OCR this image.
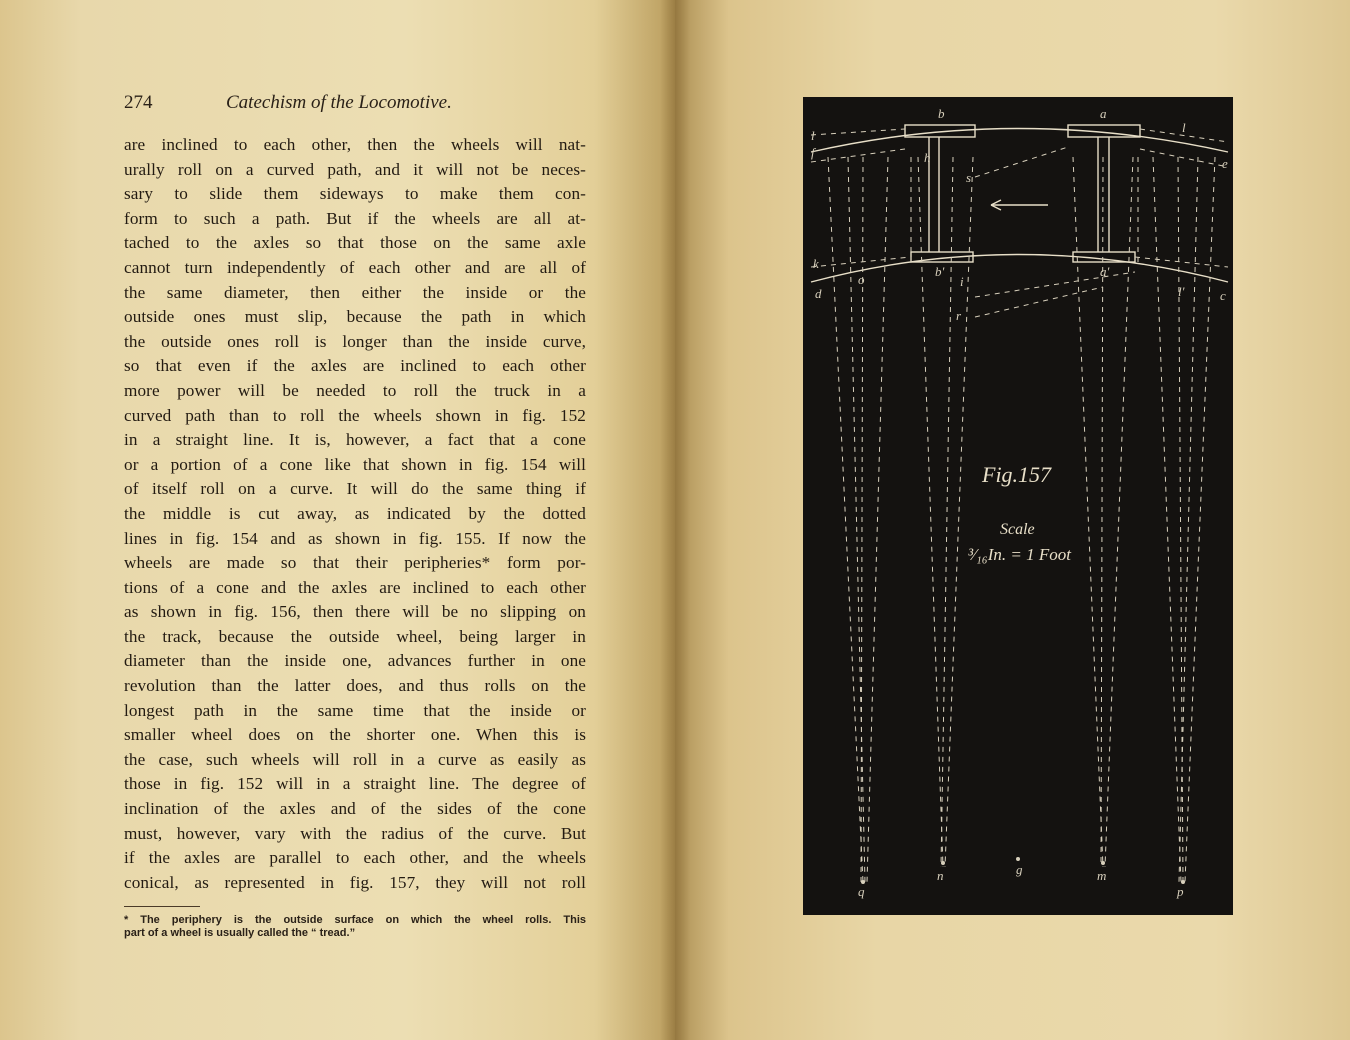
274	Catechism of the Locomotive.
are inclined to each other, then the wheels will nat-
urally roll on a curved path, and it will not be neces-
sary to slide them sideways to make them con-
form to such a path. But if the wheels are all at-
tached to the axles so that those on the same axle
cannot turn independently of each other and are all of
the same diameter, then either the inside or the
outside ones must slip, because the path in which
the outside ones roll is longer than the inside curve,
so that even if the axles are inclined to each other
more power will be needed to roll the truck in a
curved path than to roll the wheels shown in fig. 152
in a straight line. It is, however, a fact that a cone
or a portion of a cone like that shown in fig. 154 will
of itself roll on a curve. It will do the same thing if
the middle is cut away, as indicated by the dotted
lines in fig. 154 and as shown in fig. 155. If now the
wheels are made so that their peripheries* form por-
tions of a cone and the axles are inclined to each other
as shown in fig. 156, then there will be no slipping on
the track, because the outside wheel, being larger in
diameter than the inside one, advances further in one
revolution than the latter does, and thus rolls on the
longest path in the same time that the inside or
smaller wheel does on the shorter one. When this is
the case, such wheels will roll in a curve as easily as
those in fig. 152 will in a straight line. The degree of
inclination of the axles and of the sides of the cone
must, however, vary with the radius of the curve. But
if the axles are parallel to each other, and the wheels
conical, as represented in fig. 157, they will not roll
* The periphery is the outside surface on which the wheel rolls. This
part of a wheel is usually called the “ tread.”
b	a
l
l
f
e
h
s
k
d
o
b'
i
a'
l'	c
r
n	g	m
q	p
Fig.157
Scale
³⁄₁₆In. = 1 Foot
